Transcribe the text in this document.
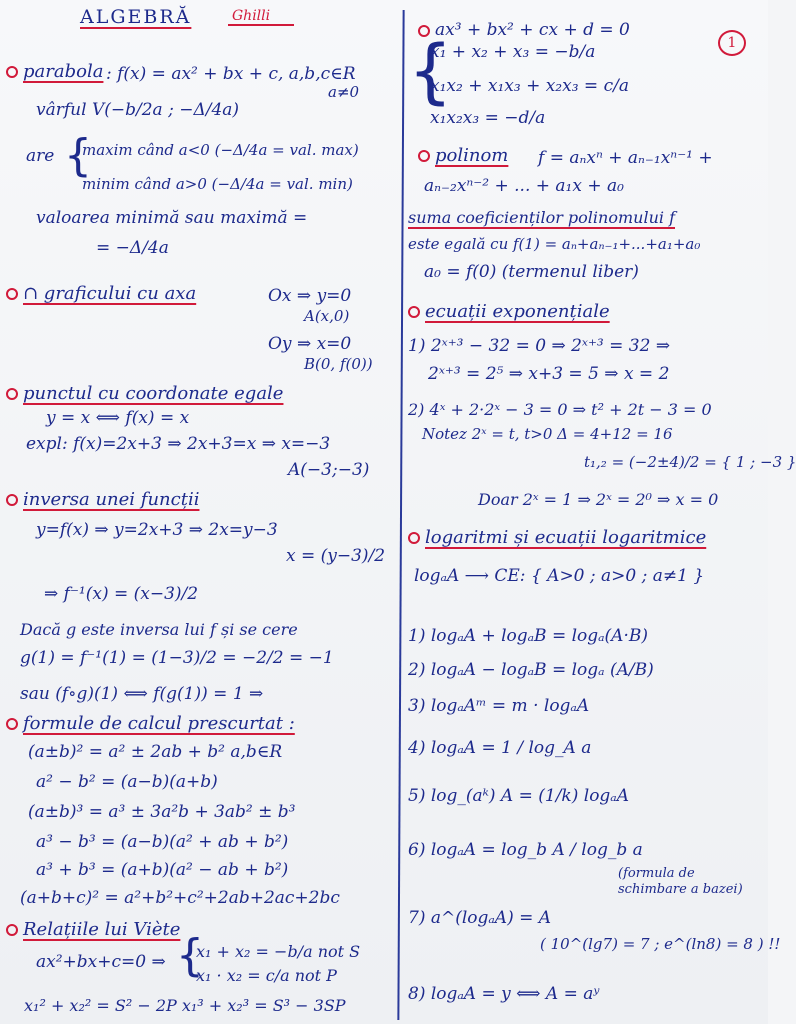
ALGEBRĂ	Ghilli
1
parabola : f(x) = ax² + bx + c, a,b,c∈R
a≠0
vârful V(−b/2a ; −Δ/4a)
are {
maxim când a<0 (−Δ/4a = val. max)
minim când a>0 (−Δ/4a = val. min)
valoarea minimă sau maximă =
= −Δ/4a
∩ graficului cu axa	Ox ⇒ y=0
A(x,0)
Oy ⇒ x=0
B(0, f(0))
punctul cu coordonate egale
y = x ⟺ f(x) = x
expl: f(x)=2x+3 ⇒ 2x+3=x ⇒ x=−3
A(−3;−3)
inversa unei funcții
y=f(x) ⇒ y=2x+3 ⇒ 2x=y−3
x = (y−3)/2
⇒ f⁻¹(x) = (x−3)/2
Dacă g este inversa lui f și se cere
g(1) = f⁻¹(1) = (1−3)/2 = −2/2 = −1
sau (f∘g)(1) ⟺ f(g(1)) = 1 ⇒
formule de calcul prescurtat :
(a±b)² = a² ± 2ab + b² a,b∈R
a² − b² = (a−b)(a+b)
(a±b)³ = a³ ± 3a²b + 3ab² ± b³
a³ − b³ = (a−b)(a² + ab + b²)
a³ + b³ = (a+b)(a² − ab + b²)
(a+b+c)² = a²+b²+c²+2ab+2ac+2bc
Relațiile lui Viète
ax²+bx+c=0 ⇒ {
x₁ + x₂ = −b/a not S
x₁ · x₂ = c/a not P
x₁² + x₂² = S² − 2P x₁³ + x₂³ = S³ − 3SP
ax³ + bx² + cx + d = 0
{
x₁ + x₂ + x₃ = −b/a
x₁x₂ + x₁x₃ + x₂x₃ = c/a
x₁x₂x₃ = −d/a
polinom f = aₙxⁿ + aₙ₋₁xⁿ⁻¹ +
aₙ₋₂xⁿ⁻² + ... + a₁x + a₀
suma coeficienților polinomului f
este egală cu f(1) = aₙ+aₙ₋₁+...+a₁+a₀
a₀ = f(0) (termenul liber)
ecuații exponențiale
1) 2ˣ⁺³ − 32 = 0 ⇒ 2ˣ⁺³ = 32 ⇒
2ˣ⁺³ = 2⁵ ⇒ x+3 = 5 ⇒ x = 2
2) 4ˣ + 2·2ˣ − 3 = 0 ⇒ t² + 2t − 3 = 0
Notez 2ˣ = t, t>0 Δ = 4+12 = 16
t₁,₂ = (−2±4)/2 = { 1 ; −3 }
Doar 2ˣ = 1 ⇒ 2ˣ = 2⁰ ⇒ x = 0
logaritmi și ecuații logaritmice
logₐA ⟶ CE: { A>0 ; a>0 ; a≠1 }
1) logₐA + logₐB = logₐ(A·B)
2) logₐA − logₐB = logₐ (A/B)
3) logₐAᵐ = m · logₐA
4) logₐA = 1 / log_A a
5) log_(aᵏ) A = (1/k) logₐA
6) logₐA = log_b A / log_b a
(formula de schimbare a bazei)
7) a^(logₐA) = A
( 10^(lg7) = 7 ; e^(ln8) = 8 ) !!
8) logₐA = y ⟺ A = aʸ
